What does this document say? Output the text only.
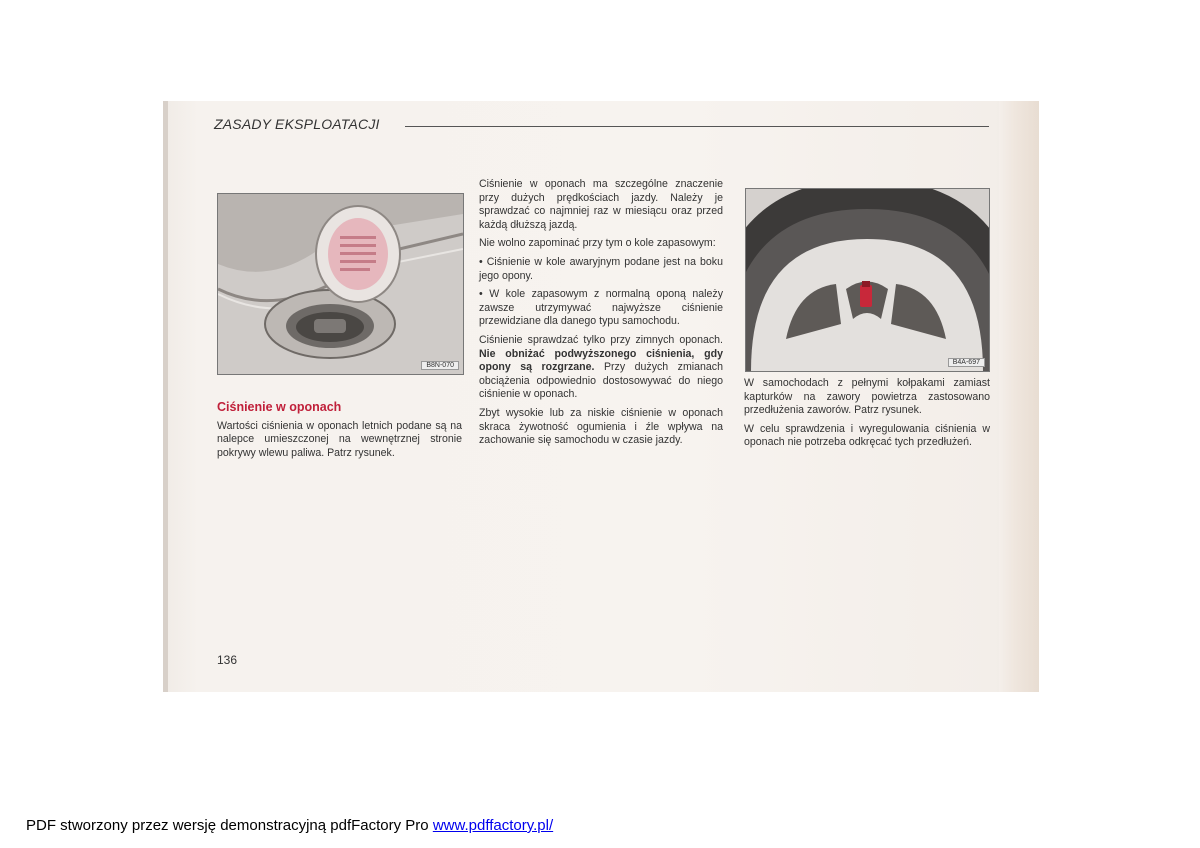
ZASADY EKSPLOATACJI
B8N-070
Ciśnienie w oponach

Wartości ciśnienia w oponach letnich podane są na nalepce umieszczonej na wewnętrznej stronie pokrywy wlewu paliwa. Patrz rysunek.

Ciśnienie w oponach ma szczególne znaczenie przy dużych prędkościach jazdy. Należy je sprawdzać co najmniej raz w miesiącu oraz przed każdą dłuższą jazdą.

Nie wolno zapominać przy tym o kole zapasowym:

• Ciśnienie w kole awaryjnym podane jest na boku jego opony.

• W kole zapasowym z normalną oponą należy zawsze utrzymywać najwyższe ciśnienie przewidziane dla danego typu samochodu.

Ciśnienie sprawdzać tylko przy zimnych oponach. Nie obniżać podwyższonego ciśnienia, gdy opony są rozgrzane. Przy dużych zmianach obciążenia odpowiednio dostosowywać do niego ciśnienie w oponach.

Zbyt wysokie lub za niskie ciśnienie w oponach skraca żywotność ogumienia i źle wpływa na zachowanie się samochodu w czasie jazdy.

B4A-697

W samochodach z pełnymi kołpakami zamiast kapturków na zawory powietrza zastosowano przedłużenia zaworów. Patrz rysunek.

W celu sprawdzenia i wyregulowania ciśnienia w oponach nie potrzeba odkręcać tych przedłużeń.

136
PDF stworzony przez wersję demonstracyjną pdfFactory Pro www.pdffactory.pl/
